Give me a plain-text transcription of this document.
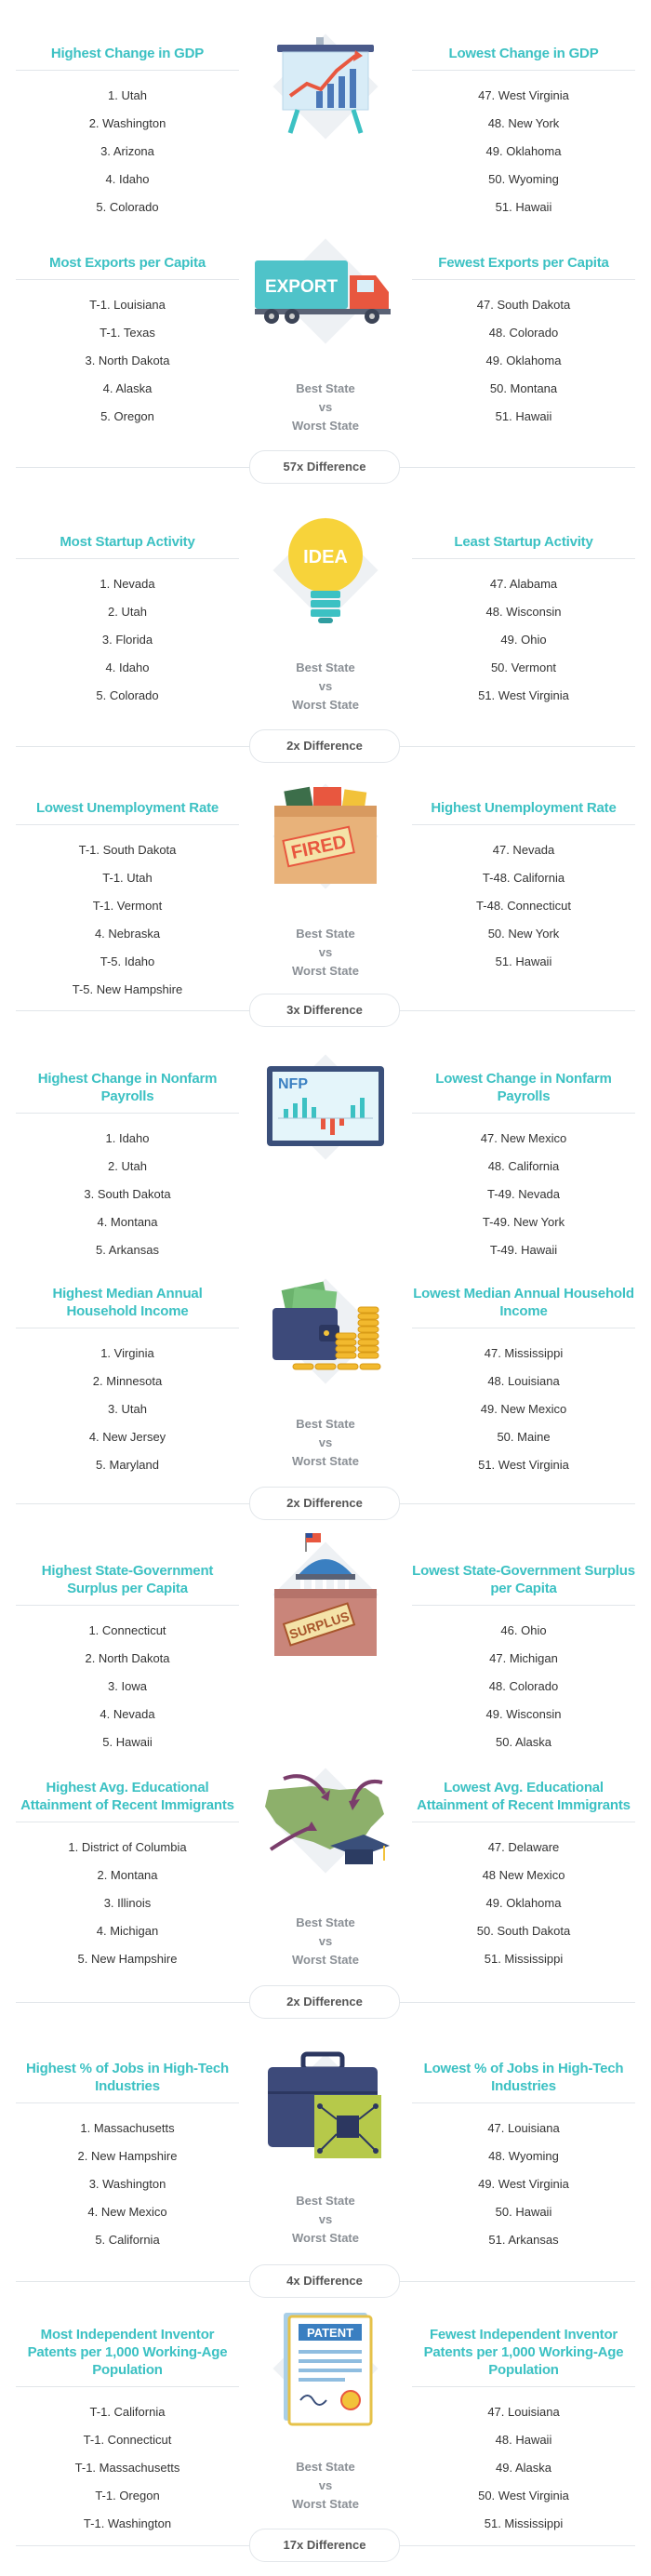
Highest Change in GDP
1. Utah
2. Washington
3. Arizona
4. Idaho
5. Colorado
Lowest Change in GDP
47. West Virginia
48. New York
49. Oklahoma
50. Wyoming
51. Hawaii
Most Exports per Capita
T-1. Louisiana
T-1. Texas
3. North Dakota
4. Alaska
5. Oregon
Fewest Exports per Capita
47. South Dakota
48. Colorado
49. Oklahoma
50. Montana
51. Hawaii
EXPORT
Best State
vs
Worst State
57x Difference
Most Startup Activity
1. Nevada
2. Utah
3. Florida
4. Idaho
5. Colorado
Least Startup Activity
47. Alabama
48. Wisconsin
49. Ohio
50. Vermont
51. West Virginia
IDEA
Best State
vs
Worst State
2x Difference
Lowest Unemployment Rate
T-1. South Dakota
T-1. Utah
T-1. Vermont
4. Nebraska
T-5. Idaho
T-5. New Hampshire
Highest Unemployment Rate
47. Nevada
T-48. California
T-48. Connecticut
50. New York
51. Hawaii
FIRED
Best State
vs
Worst State
3x Difference
Highest Change in Nonfarm Payrolls
1. Idaho
2. Utah
3. South Dakota
4. Montana
5. Arkansas
Lowest Change in Nonfarm Payrolls
47. New Mexico
48. California
T-49. Nevada
T-49. New York
T-49. Hawaii
NFP
Highest Median Annual Household Income
1. Virginia
2. Minnesota
3. Utah
4. New Jersey
5. Maryland
Lowest Median Annual Household Income
47. Mississippi
48. Louisiana
49. New Mexico
50. Maine
51. West Virginia
Best State
vs
Worst State
2x Difference
Highest State-Government Surplus per Capita
1. Connecticut
2. North Dakota
3. Iowa
4. Nevada
5. Hawaii
Lowest State-Government Surplus per Capita
46. Ohio
47. Michigan
48. Colorado
49. Wisconsin
50. Alaska
SURPLUS
Highest Avg. Educational Attainment of Recent Immigrants
1. District of Columbia
2. Montana
3. Illinois
4. Michigan
5. New Hampshire
Lowest Avg. Educational Attainment of Recent Immigrants
47. Delaware
48 New Mexico
49. Oklahoma
50. South Dakota
51. Mississippi
Best State
vs
Worst State
2x Difference
Highest % of Jobs in High-Tech Industries
1. Massachusetts
2. New Hampshire
3. Washington
4. New Mexico
5. California
Lowest % of Jobs in High-Tech Industries
47. Louisiana
48. Wyoming
49. West Virginia
50. Hawaii
51. Arkansas
Best State
vs
Worst State
4x Difference
Most Independent Inventor Patents per 1,000 Working-Age Population
T-1. California
T-1. Connecticut
T-1. Massachusetts
T-1. Oregon
T-1. Washington
Fewest Independent Inventor Patents per 1,000 Working-Age Population
47. Louisiana
48. Hawaii
49. Alaska
50. West Virginia
51. Mississippi
PATENT
Best State
vs
Worst State
17x Difference
